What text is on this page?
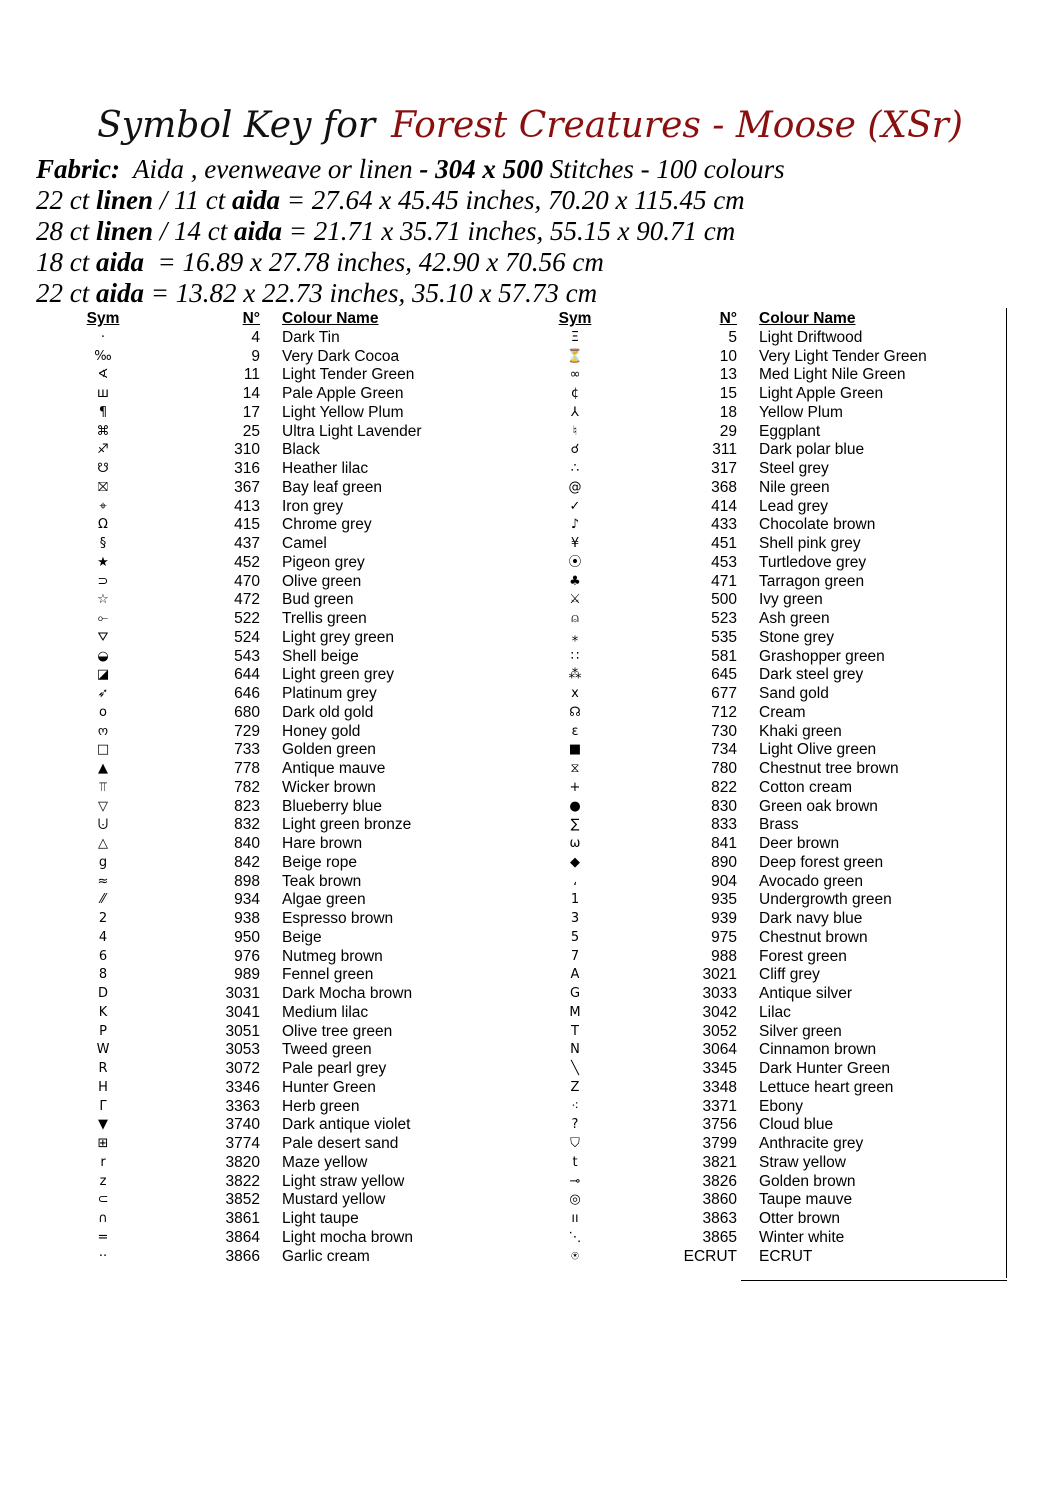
Symbol Key for Forest Creatures - Moose (XSr)
Fabric: Aida , evenweave or linen - 304 x 500 Stitches - 100 colours
22 ct linen / 11 ct aida = 27.64 x 45.45 inches, 70.20 x 115.45 cm
28 ct linen / 14 ct aida = 21.71 x 35.71 inches, 55.15 x 90.71 cm
18 ct aida  = 16.89 x 27.78 inches, 42.90 x 70.56 cm
22 ct aida = 13.82 x 22.73 inches, 35.10 x 57.73 cm
Sym	N°	Colour Name
·	4	Dark Tin
‰	9	Very Dark Cocoa
∢	11	Light Tender Green
ш	14	Pale Apple Green
¶	17	Light Yellow Plum
⌘	25	Ultra Light Lavender
♐	310	Black
☋	316	Heather lilac
⛝	367	Bay leaf green
⌖	413	Iron grey
Ω	415	Chrome grey
§	437	Camel
★	452	Pigeon grey
⊃	470	Olive green
☆	472	Bud green
⟜	522	Trellis green
⛛	524	Light grey green
◒	543	Shell beige
◪	644	Light green grey
➶	646	Platinum grey
o	680	Dark old gold
ო	729	Honey gold
□	733	Golden green
▲	778	Antique mauve
⫪	782	Wicker brown
▽	823	Blueberry blue
⨃	832	Light green bronze
△	840	Hare brown
g	842	Beige rope
≈	898	Teak brown
⁄⁄	934	Algae green
2	938	Espresso brown
4	950	Beige
6	976	Nutmeg brown
8	989	Fennel green
D	3031	Dark Mocha brown
K	3041	Medium lilac
P	3051	Olive tree green
W	3053	Tweed green
R	3072	Pale pearl grey
H	3346	Hunter Green
Γ	3363	Herb green
▼	3740	Dark antique violet
⊞	3774	Pale desert sand
r	3820	Maze yellow
z	3822	Light straw yellow
⊂	3852	Mustard yellow
∩	3861	Light taupe
=	3864	Light mocha brown
··	3866	Garlic cream
Sym	N°	Colour Name
Ξ	5	Light Driftwood
⏳	10	Very Light Tender Green
∞	13	Med Light Nile Green
¢	15	Light Apple Green
⅄	18	Yellow Plum
♮	29	Eggplant
☌	311	Dark polar blue
∴	317	Steel grey
@	368	Nile green
✓	414	Lead grey
♪	433	Chocolate brown
¥	451	Shell pink grey
⦿	453	Turtledove grey
♣	471	Tarragon green
⚔	500	Ivy green
⍝	523	Ash green
⁎	535	Stone grey
∷	581	Grashopper green
⁂	645	Dark steel grey
x	677	Sand gold
☊	712	Cream
ε	730	Khaki green
■	734	Light Olive green
⧖	780	Chestnut tree brown
+	822	Cotton cream
●	830	Green oak brown
∑	833	Brass
ω	841	Deer brown
◆	890	Deep forest green
،	904	Avocado green
1	935	Undergrowth green
3	939	Dark navy blue
5	975	Chestnut brown
7	988	Forest green
A	3021	Cliff grey
G	3033	Antique silver
M	3042	Lilac
T	3052	Silver green
N	3064	Cinnamon brown
╲	3345	Dark Hunter Green
Z	3348	Lettuce heart green
⁖	3371	Ebony
?	3756	Cloud blue
⛉	3799	Anthracite grey
t	3821	Straw yellow
⊸	3826	Golden brown
◎	3860	Taupe mauve
ıı	3863	Otter brown
⋱	3865	Winter white
⍟	ECRUT	ECRUT
